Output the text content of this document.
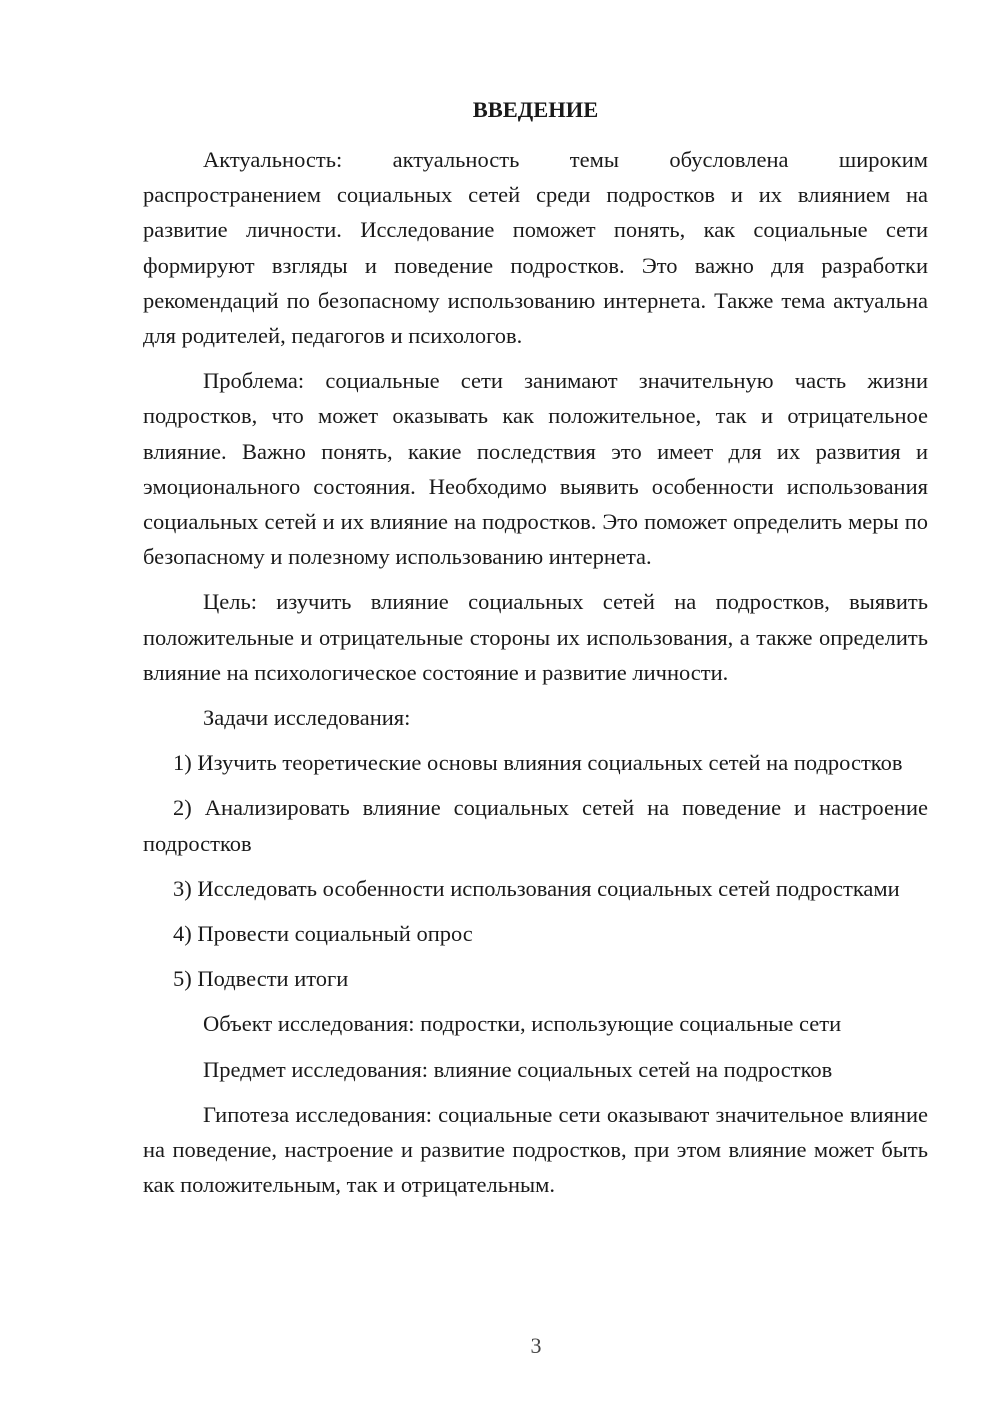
ВВЕДЕНИЕ

Актуальность: актуальность темы обусловлена широким распространением социальных сетей среди подростков и их влиянием на развитие личности. Исследование поможет понять, как социальные сети формируют взгляды и поведение подростков. Это важно для разработки рекомендаций по безопасному использованию интернета. Также тема актуальна для родителей, педагогов и психологов.

Проблема: социальные сети занимают значительную часть жизни подростков, что может оказывать как положительное, так и отрицательное влияние. Важно понять, какие последствия это имеет для их развития и эмоционального состояния. Необходимо выявить особенности использования социальных сетей и их влияние на подростков. Это поможет определить меры по безопасному и полезному использованию интернета.

Цель: изучить влияние социальных сетей на подростков, выявить положительные и отрицательные стороны их использования, а также определить влияние на психологическое состояние и развитие личности.

Задачи исследования:

1) Изучить теоретические основы влияния социальных сетей на подростков

2) Анализировать влияние социальных сетей на поведение и настроение подростков

3) Исследовать особенности использования социальных сетей подростками

4) Провести социальный опрос

5) Подвести итоги

Объект исследования: подростки, использующие социальные сети

Предмет исследования: влияние социальных сетей на подростков

Гипотеза исследования: социальные сети оказывают значительное влияние на поведение, настроение и развитие подростков, при этом влияние может быть как положительным, так и отрицательным.

3
